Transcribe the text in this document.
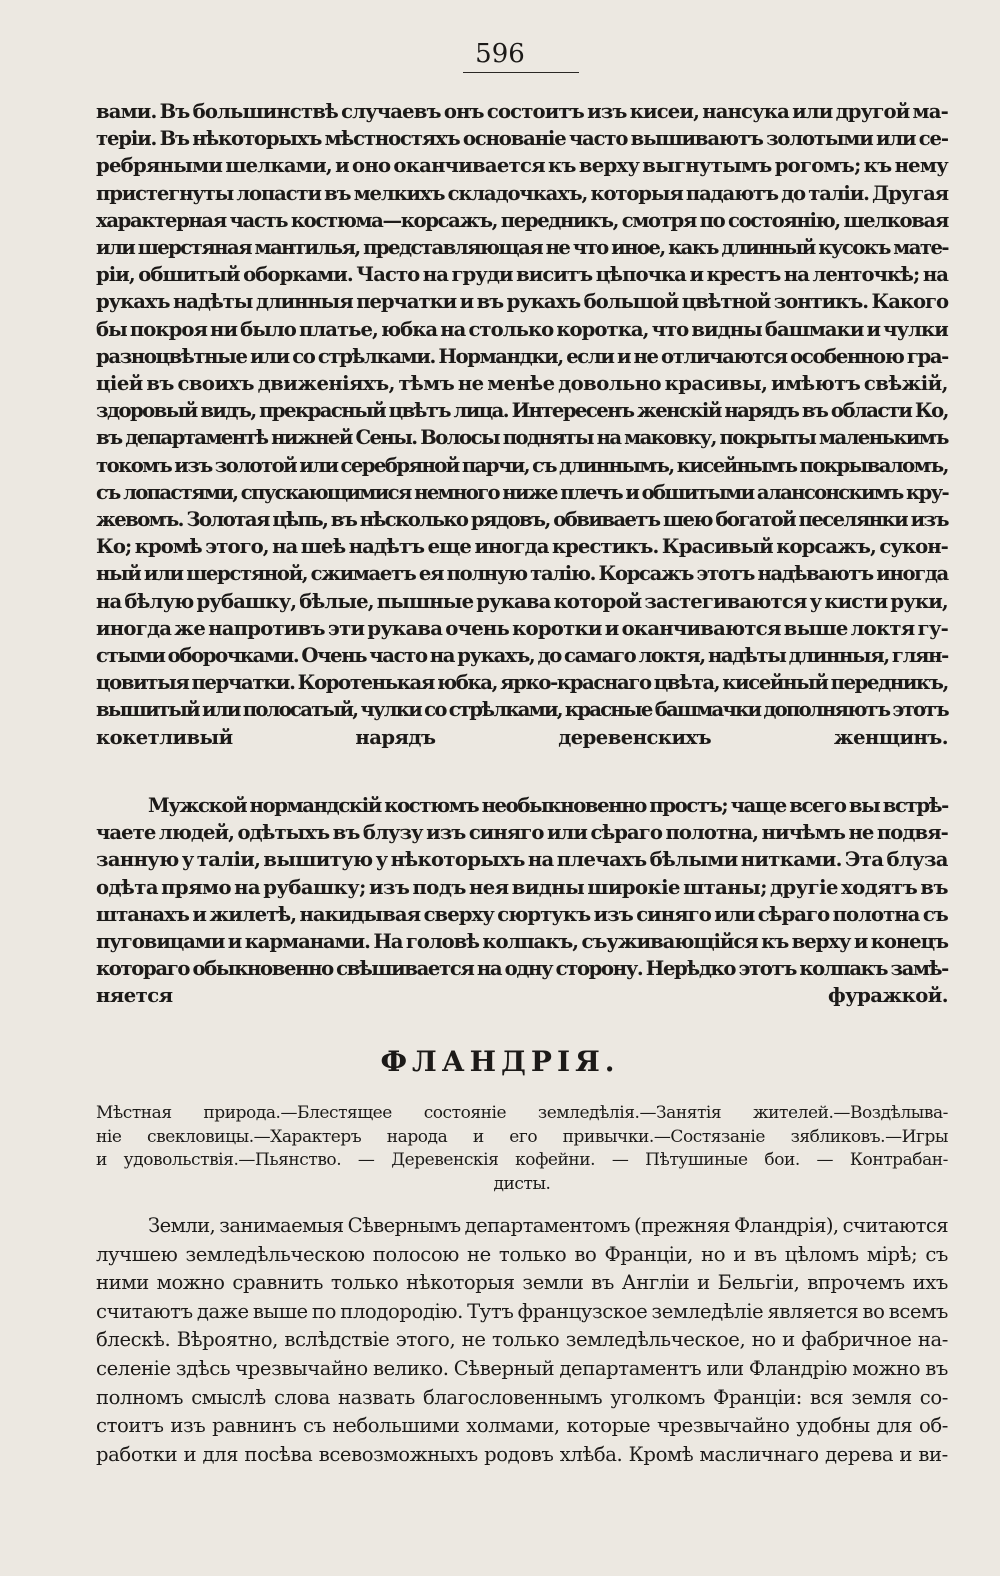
596
вами. Въ большинствѣ случаевъ онъ состоитъ изъ кисеи, нансука или другой ма-
теріи. Въ нѣкоторыхъ мѣстностяхъ основаніе часто вышиваютъ золотыми или се-
ребряными шелками, и оно оканчивается къ верху выгнутымъ рогомъ; къ нему
пристегнуты лопасти въ мелкихъ складочкахъ, которыя падаютъ до таліи. Другая
характерная часть костюма—корсажъ, передникъ, смотря по состоянію, шелковая
или шерстяная мантилья, представляющая не что иное, какъ длинный кусокъ мате-
ріи, обшитый оборками. Часто на груди виситъ цѣпочка и крестъ на ленточкѣ; на
рукахъ надѣты длинныя перчатки и въ рукахъ большой цвѣтной зонтикъ. Какого
бы покроя ни было платье, юбка на столько коротка, что видны башмаки и чулки
разноцвѣтные или со стрѣлками. Нормандки, если и не отличаются особенною гра-
ціей въ своихъ движеніяхъ, тѣмъ не менѣе довольно красивы, имѣютъ свѣжій,
здоровый видъ, прекрасный цвѣтъ лица. Интересенъ женскій нарядъ въ области Ко,
въ департаментѣ нижней Сены. Волосы подняты на маковку, покрыты маленькимъ
токомъ изъ золотой или серебряной парчи, съ длиннымъ, кисейнымъ покрываломъ,
съ лопастями, спускающимися немного ниже плечъ и обшитыми алансонскимъ кру-
жевомъ. Золотая цѣпь, въ нѣсколько рядовъ, обвиваетъ шею богатой песелянки изъ
Ко; кромѣ этого, на шеѣ надѣтъ еще иногда крестикъ. Красивый корсажъ, сукон-
ный или шерстяной, сжимаетъ ея полную талію. Корсажъ этотъ надѣваютъ иногда
на бѣлую рубашку, бѣлые, пышные рукава которой застегиваются у кисти руки,
иногда же напротивъ эти рукава очень коротки и оканчиваются выше локтя гу-
стыми оборочками. Очень часто на рукахъ, до самаго локтя, надѣты длинныя, глян-
цовитыя перчатки. Коротенькая юбка, ярко-краснаго цвѣта, кисейный передникъ,
вышитый или полосатый, чулки со стрѣлками, красные башмачки дополняютъ этотъ
кокетливый нарядъ деревенскихъ женщинъ.
Мужской нормандскій костюмъ необыкновенно простъ; чаще всего вы встрѣ-
чаете людей, одѣтыхъ въ блузу изъ синяго или сѣраго полотна, ничѣмъ не подвя-
занную у таліи, вышитую у нѣкоторыхъ на плечахъ бѣлыми нитками. Эта блуза
одѣта прямо на рубашку; изъ подъ нея видны широкіе штаны; другіе ходятъ въ
штанахъ и жилетѣ, накидывая сверху сюртукъ изъ синяго или сѣраго полотна съ
пуговицами и карманами. На головѣ колпакъ, съуживающійся къ верху и конецъ
котораго обыкновенно свѣшивается на одну сторону. Нерѣдко этотъ колпакъ замѣ-
няется фуражкой.
ФЛАНДРІЯ.
Мѣстная природа.—Блестящее состояніе земледѣлія.—Занятія жителей.—Воздѣлыва-
ніе свекловицы.—Характеръ народа и его привычки.—Состязаніе зябликовъ.—Игры
и удовольствія.—Пьянство. — Деревенскія кофейни. — Пѣтушиные бои. — Контрабан-
дисты.
Земли, занимаемыя Сѣвернымъ департаментомъ (прежняя Фландрія), считаются
лучшею земледѣльческою полосою не только во Франціи, но и въ цѣломъ мірѣ; съ
ними можно сравнить только нѣкоторыя земли въ Англіи и Бельгіи, впрочемъ ихъ
считаютъ даже выше по плодородію. Тутъ французское земледѣліе является во всемъ
блескѣ. Вѣроятно, вслѣдствіе этого, не только земледѣльческое, но и фабричное на-
селеніе здѣсь чрезвычайно велико. Сѣверный департаментъ или Фландрію можно въ
полномъ смыслѣ слова назвать благословеннымъ уголкомъ Франціи: вся земля со-
стоитъ изъ равнинъ съ небольшими холмами, которые чрезвычайно удобны для об-
работки и для посѣва всевозможныхъ родовъ хлѣба. Кромѣ масличнаго дерева и ви-
